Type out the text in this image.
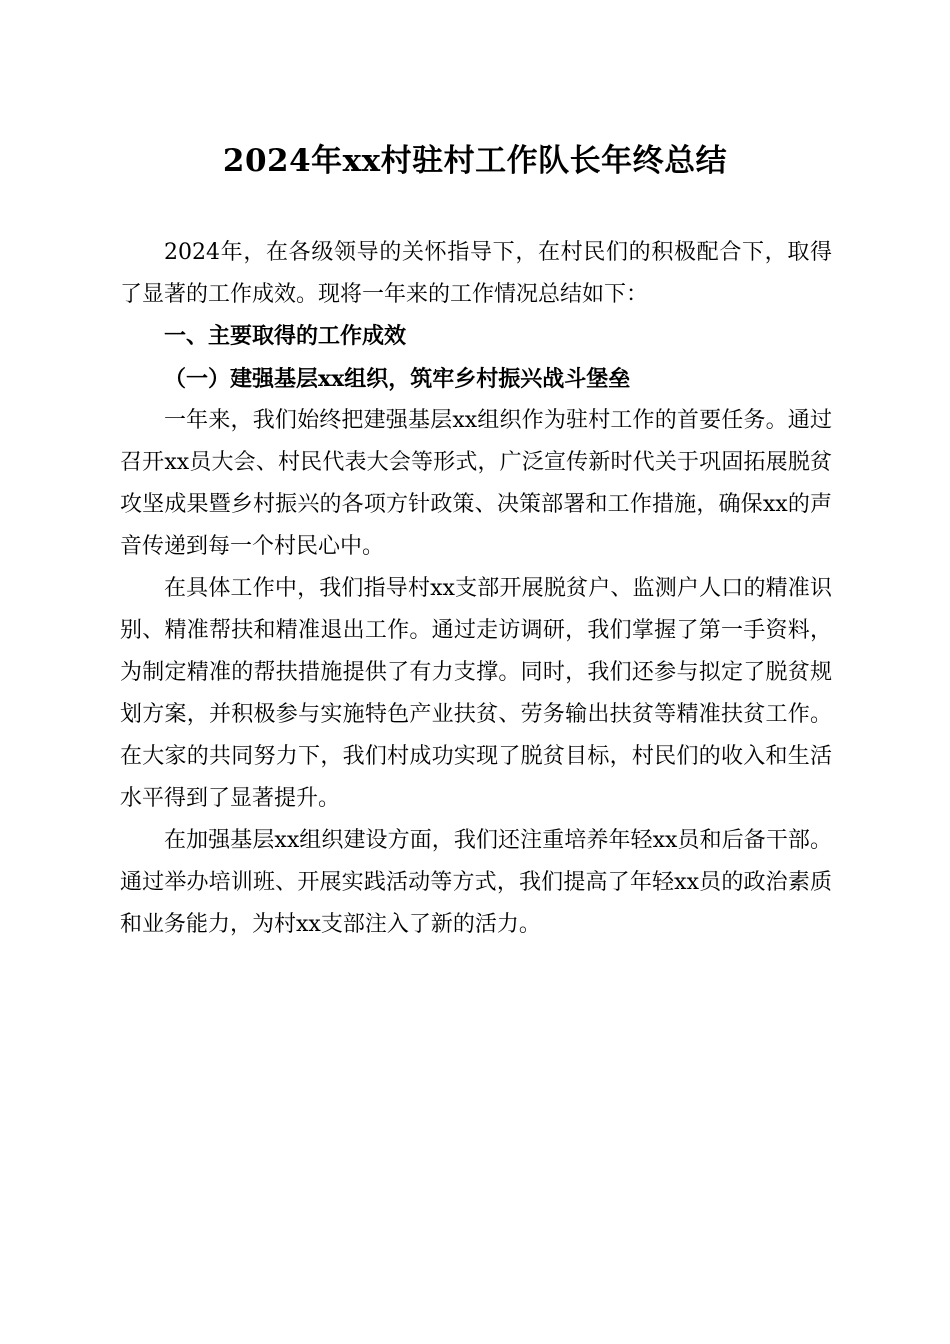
2024年xx村驻村工作队长年终总结

2024年，在各级领导的关怀指导下，在村民们的积极配合下，取得了显著的工作成效。现将一年来的工作情况总结如下：

一、主要取得的工作成效

（一）建强基层xx组织，筑牢乡村振兴战斗堡垒

一年来，我们始终把建强基层xx组织作为驻村工作的首要任务。通过召开xx员大会、村民代表大会等形式，广泛宣传新时代关于巩固拓展脱贫攻坚成果暨乡村振兴的各项方针政策、决策部署和工作措施，确保xx的声音传递到每一个村民心中。

在具体工作中，我们指导村xx支部开展脱贫户、监测户人口的精准识别、精准帮扶和精准退出工作。通过走访调研，我们掌握了第一手资料，为制定精准的帮扶措施提供了有力支撑。同时，我们还参与拟定了脱贫规划方案，并积极参与实施特色产业扶贫、劳务输出扶贫等精准扶贫工作。在大家的共同努力下，我们村成功实现了脱贫目标，村民们的收入和生活水平得到了显著提升。

在加强基层xx组织建设方面，我们还注重培养年轻xx员和后备干部。通过举办培训班、开展实践活动等方式，我们提高了年轻xx员的政治素质和业务能力，为村xx支部注入了新的活力。
